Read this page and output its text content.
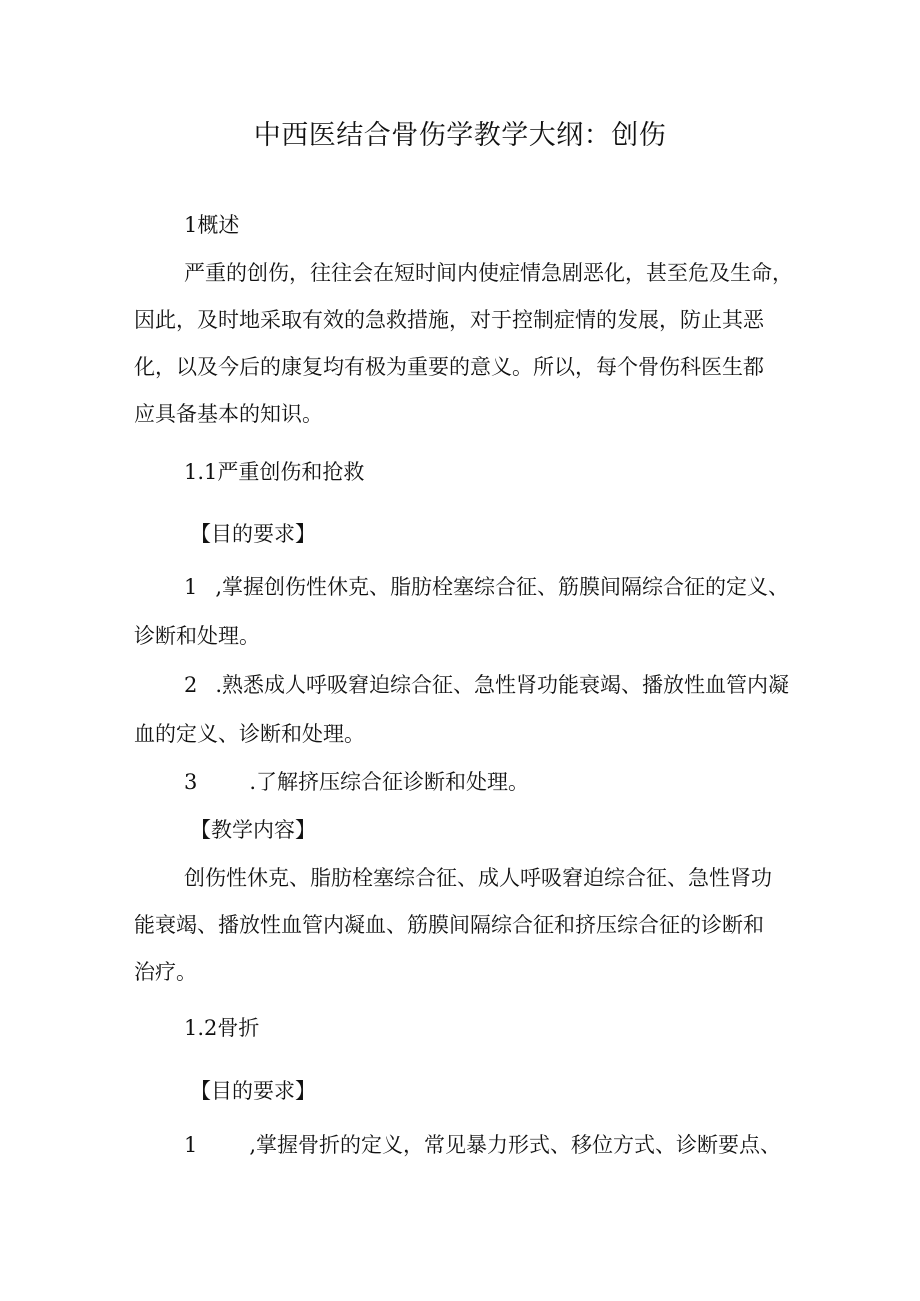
中西医结合骨伤学教学大纲：创伤
1概述
严重的创伤，往往会在短时间内使症情急剧恶化，甚至危及生命，
因此，及时地采取有效的急救措施，对于控制症情的发展，防止其恶
化，以及今后的康复均有极为重要的意义。所以，每个骨伤科医生都
应具备基本的知识。
1.1严重创伤和抢救
【目的要求】
1 ,掌握创伤性休克、脂肪栓塞综合征、筋膜间隔综合征的定义、
诊断和处理。
2 .熟悉成人呼吸窘迫综合征、急性肾功能衰竭、播放性血管内凝
血的定义、诊断和处理。
3 .了解挤压综合征诊断和处理。
【教学内容】
创伤性休克、脂肪栓塞综合征、成人呼吸窘迫综合征、急性肾功
能衰竭、播放性血管内凝血、筋膜间隔综合征和挤压综合征的诊断和
治疗。
1.2骨折
【目的要求】
1 ,掌握骨折的定义，常见暴力形式、移位方式、诊断要点、
